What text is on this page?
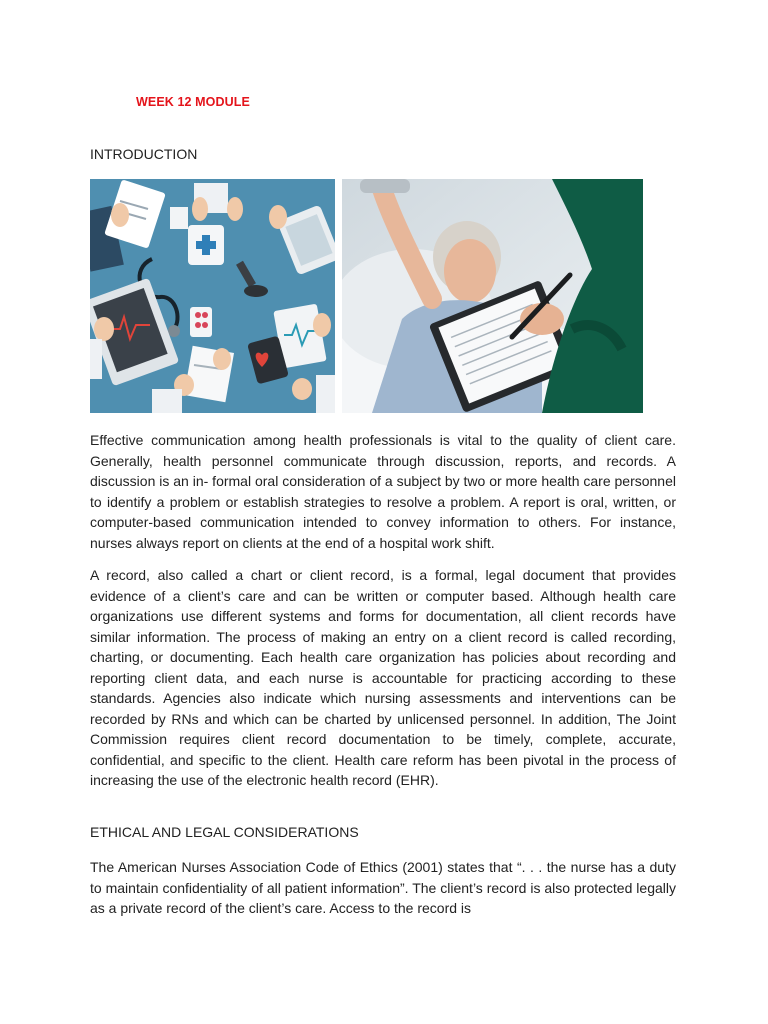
WEEK 12 MODULE
INTRODUCTION

Effective communication among health professionals is vital to the quality of client care. Generally, health personnel communicate through discussion, reports, and records. A discussion is an in- formal oral consideration of a subject by two or more health care personnel to identify a problem or establish strategies to resolve a problem. A report is oral, written, or computer-based communication intended to convey information to others. For instance, nurses always report on clients at the end of a hospital work shift.

A record, also called a chart or client record, is a formal, legal document that provides evidence of a client’s care and can be written or computer based. Although health care organizations use different systems and forms for documentation, all client records have similar information. The process of making an entry on a client record is called recording, charting, or documenting. Each health care organization has policies about recording and reporting client data, and each nurse is accountable for practicing according to these standards. Agencies also indicate which nursing assessments and interventions can be recorded by RNs and which can be charted by unlicensed personnel. In addition, The Joint Commission requires client record documentation to be timely, complete, accurate, confidential, and specific to the client. Health care reform has been pivotal in the process of increasing the use of the electronic health record (EHR).

ETHICAL AND LEGAL CONSIDERATIONS

The American Nurses Association Code of Ethics (2001) states that “. . . the nurse has a duty to maintain confidentiality of all patient information”. The client’s record is also protected legally as a private record of the client’s care. Access to the record is
